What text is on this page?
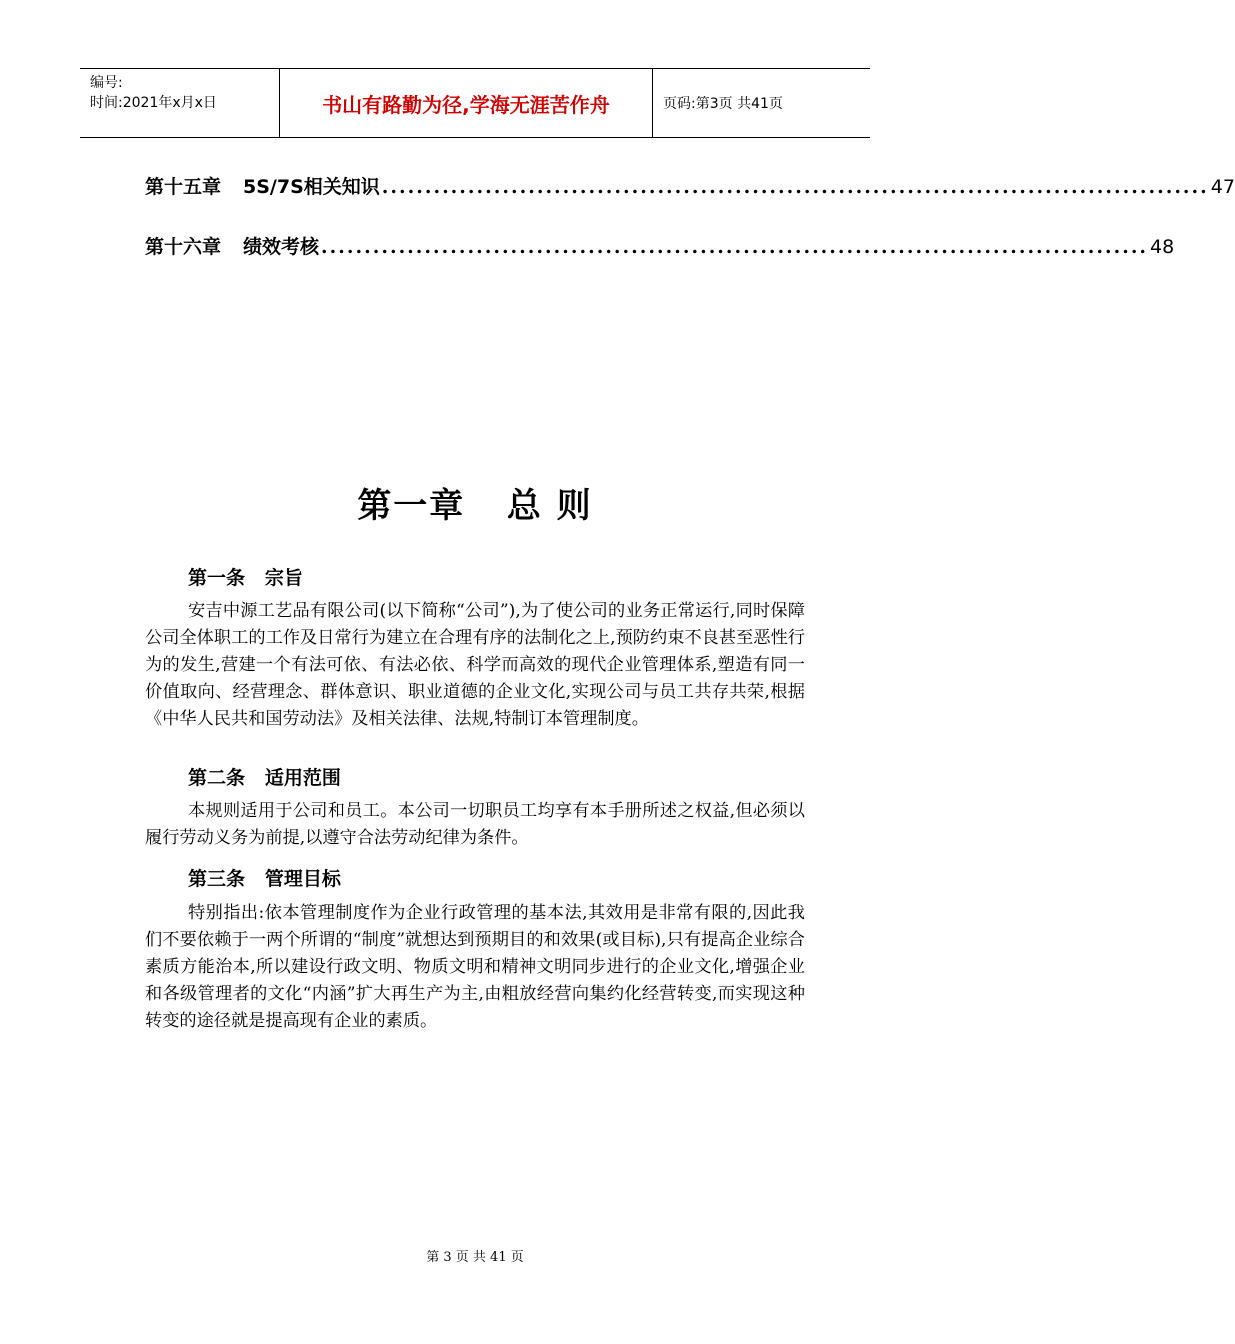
编号:
时间:2021年x月x日	书山有路勤为径,学海无涯苦作舟	页码:第3页 共41页
第十五章 5S/7S相关知识 ................................................................................................ 47
第十六章 绩效考核 ................................................................................................ 48
第一章   总 则
第一条   宗旨
安吉中源工艺品有限公司(以下简称“公司”),为了使公司的业务正常运行,同时保障公司全体职工的工作及日常行为建立在合理有序的法制化之上,预防约束不良甚至恶性行为的发生,营建一个有法可依、有法必依、科学而高效的现代企业管理体系,塑造有同一价值取向、经营理念、群体意识、职业道德的企业文化,实现公司与员工共存共荣,根据《中华人民共和国劳动法》及相关法律、法规,特制订本管理制度。
第二条   适用范围
本规则适用于公司和员工。本公司一切职员工均享有本手册所述之权益,但必须以履行劳动义务为前提,以遵守合法劳动纪律为条件。
第三条   管理目标
特别指出:依本管理制度作为企业行政管理的基本法,其效用是非常有限的,因此我们不要依赖于一两个所谓的“制度”就想达到预期目的和效果(或目标),只有提高企业综合素质方能治本,所以建设行政文明、物质文明和精神文明同步进行的企业文化,增强企业和各级管理者的文化“内涵”扩大再生产为主,由粗放经营向集约化经营转变,而实现这种转变的途径就是提高现有企业的素质。
第 3 页 共 41 页
